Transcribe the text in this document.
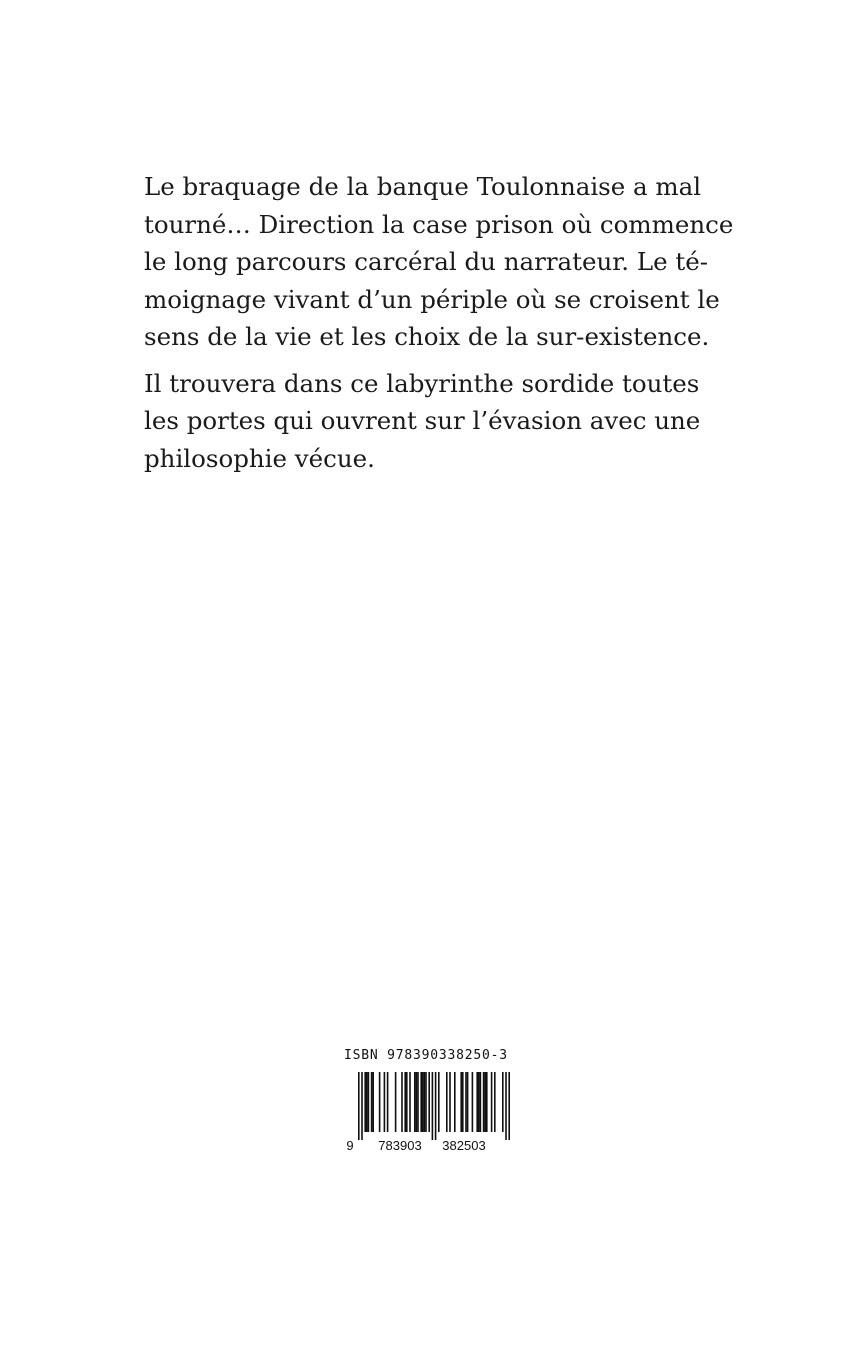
Le braquage de la banque Toulonnaise a mal
tourné… Direction la case prison où commence
le long parcours carcéral du narrateur. Le té-
moignage vivant d’un périple où se croisent le
sens de la vie et les choix de la sur-existence.

Il trouvera dans ce labyrinthe sordide toutes
les portes qui ouvrent sur l’évasion avec une
philosophie vécue.

ISBN 978390338250-3
9 783903 382503
